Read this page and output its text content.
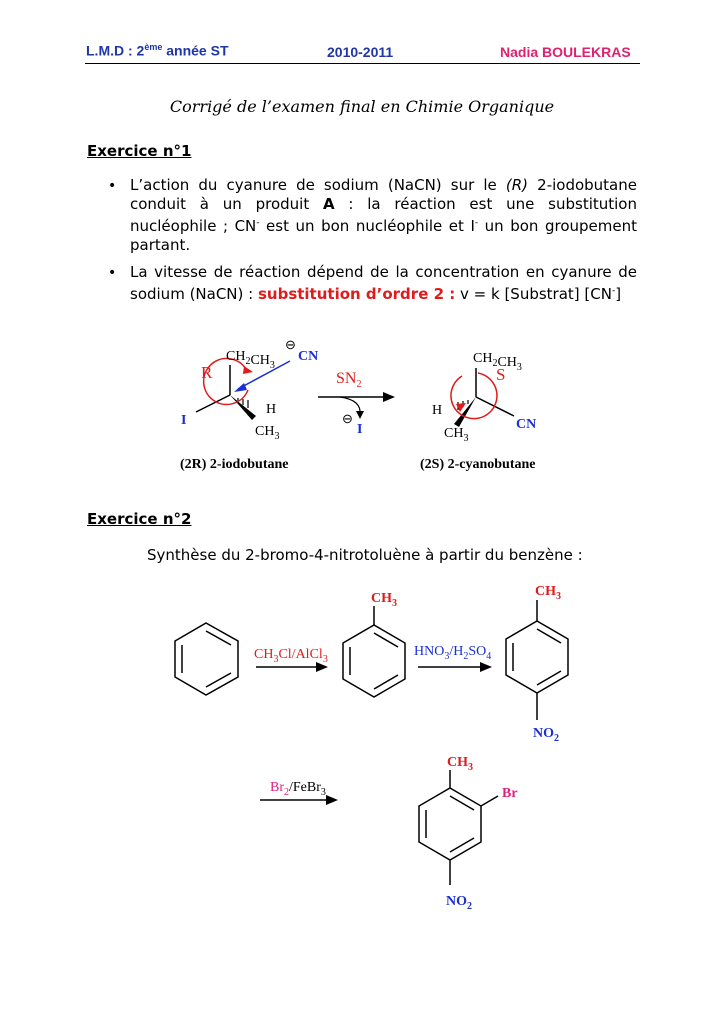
L.M.D : 2ème année ST	2010-2011	Nadia BOULEKRAS
Corrigé de l’examen final en Chimie Organique
Exercice n°1
• L’action du cyanure de sodium (NaCN) sur le (R) 2-iodobutane conduit à un produit A : la réaction est une substitution nucléophile ; CN- est un bon nucléophile et I- un bon groupement partant.
• La vitesse de réaction dépend de la concentration en cyanure de sodium (NaCN) : substitution d’ordre 2 : v = k [Substrat] [CN-]
$CH_2CH_3$
R
I
H
$CH_3$
⊖
CN
$SN_2$
⊖
I
$CH_2CH_3$
S
H
$CH_3$
CN
(2R) 2-iodobutane	(2S) 2-cyanobutane
Exercice n°2
Synthèse du 2-bromo-4-nitrotoluène à partir du benzène :
$CH_3Cl/AlCl_3$
$CH_3$
$HNO_3/H_2SO_4$
$CH_3$
$NO_2$
$Br_2/FeBr_3$
$CH_3$
Br
$NO_2$
